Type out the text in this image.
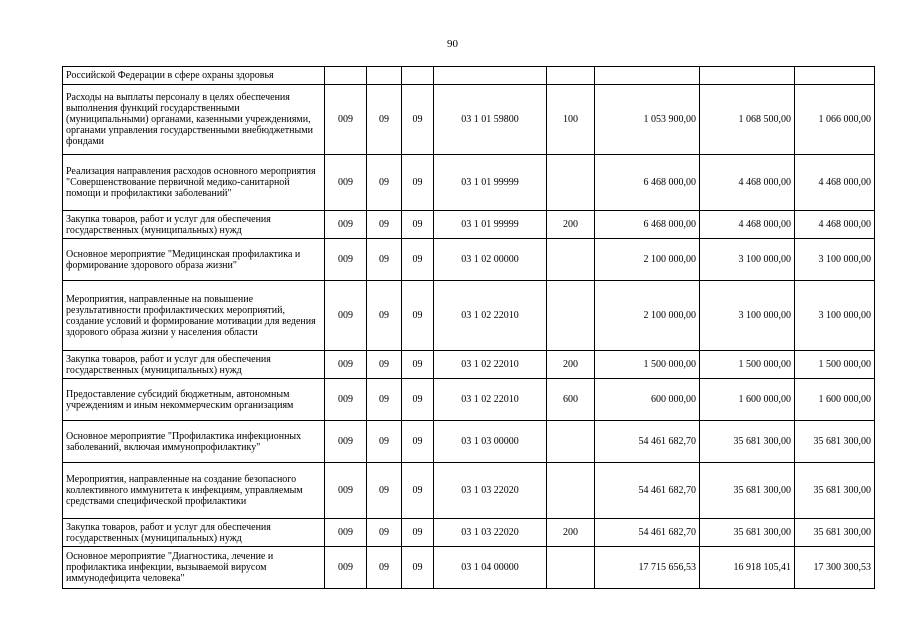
90
Российской Федерации в сфере охраны здоровья								
Расходы на выплаты персоналу в целях обеспечения выполнения функций государственными (муниципальными) органами, казенными учреждениями, органами управления государственными внебюджетными фондами	009	09	09	03 1 01 59800	100	1 053 900,00	1 068 500,00	1 066 000,00
Реализация направления расходов основного мероприятия "Совершенствование первичной медико-санитарной помощи и профилактики заболеваний"	009	09	09	03 1 01 99999		6 468 000,00	4 468 000,00	4 468 000,00
Закупка товаров, работ и услуг для обеспечения государственных (муниципальных) нужд	009	09	09	03 1 01 99999	200	6 468 000,00	4 468 000,00	4 468 000,00
Основное мероприятие "Медицинская профилактика и формирование здорового образа жизни"	009	09	09	03 1 02 00000		2 100 000,00	3 100 000,00	3 100 000,00
Мероприятия, направленные на повышение результативности профилактических мероприятий, создание условий и формирование мотивации для ведения здорового образа жизни у населения области	009	09	09	03 1 02 22010		2 100 000,00	3 100 000,00	3 100 000,00
Закупка товаров, работ и услуг для обеспечения государственных (муниципальных) нужд	009	09	09	03 1 02 22010	200	1 500 000,00	1 500 000,00	1 500 000,00
Предоставление субсидий бюджетным, автономным учреждениям и иным некоммерческим организациям	009	09	09	03 1 02 22010	600	600 000,00	1 600 000,00	1 600 000,00
Основное мероприятие "Профилактика инфекционных заболеваний, включая иммунопрофилактику"	009	09	09	03 1 03 00000		54 461 682,70	35 681 300,00	35 681 300,00
Мероприятия, направленные на создание безопасного коллективного иммунитета к инфекциям, управляемым средствами специфической профилактики	009	09	09	03 1 03 22020		54 461 682,70	35 681 300,00	35 681 300,00
Закупка товаров, работ и услуг для обеспечения государственных (муниципальных) нужд	009	09	09	03 1 03 22020	200	54 461 682,70	35 681 300,00	35 681 300,00
Основное мероприятие "Диагностика, лечение и профилактика инфекции, вызываемой вирусом иммунодефицита человека"	009	09	09	03 1 04 00000		17 715 656,53	16 918 105,41	17 300 300,53
